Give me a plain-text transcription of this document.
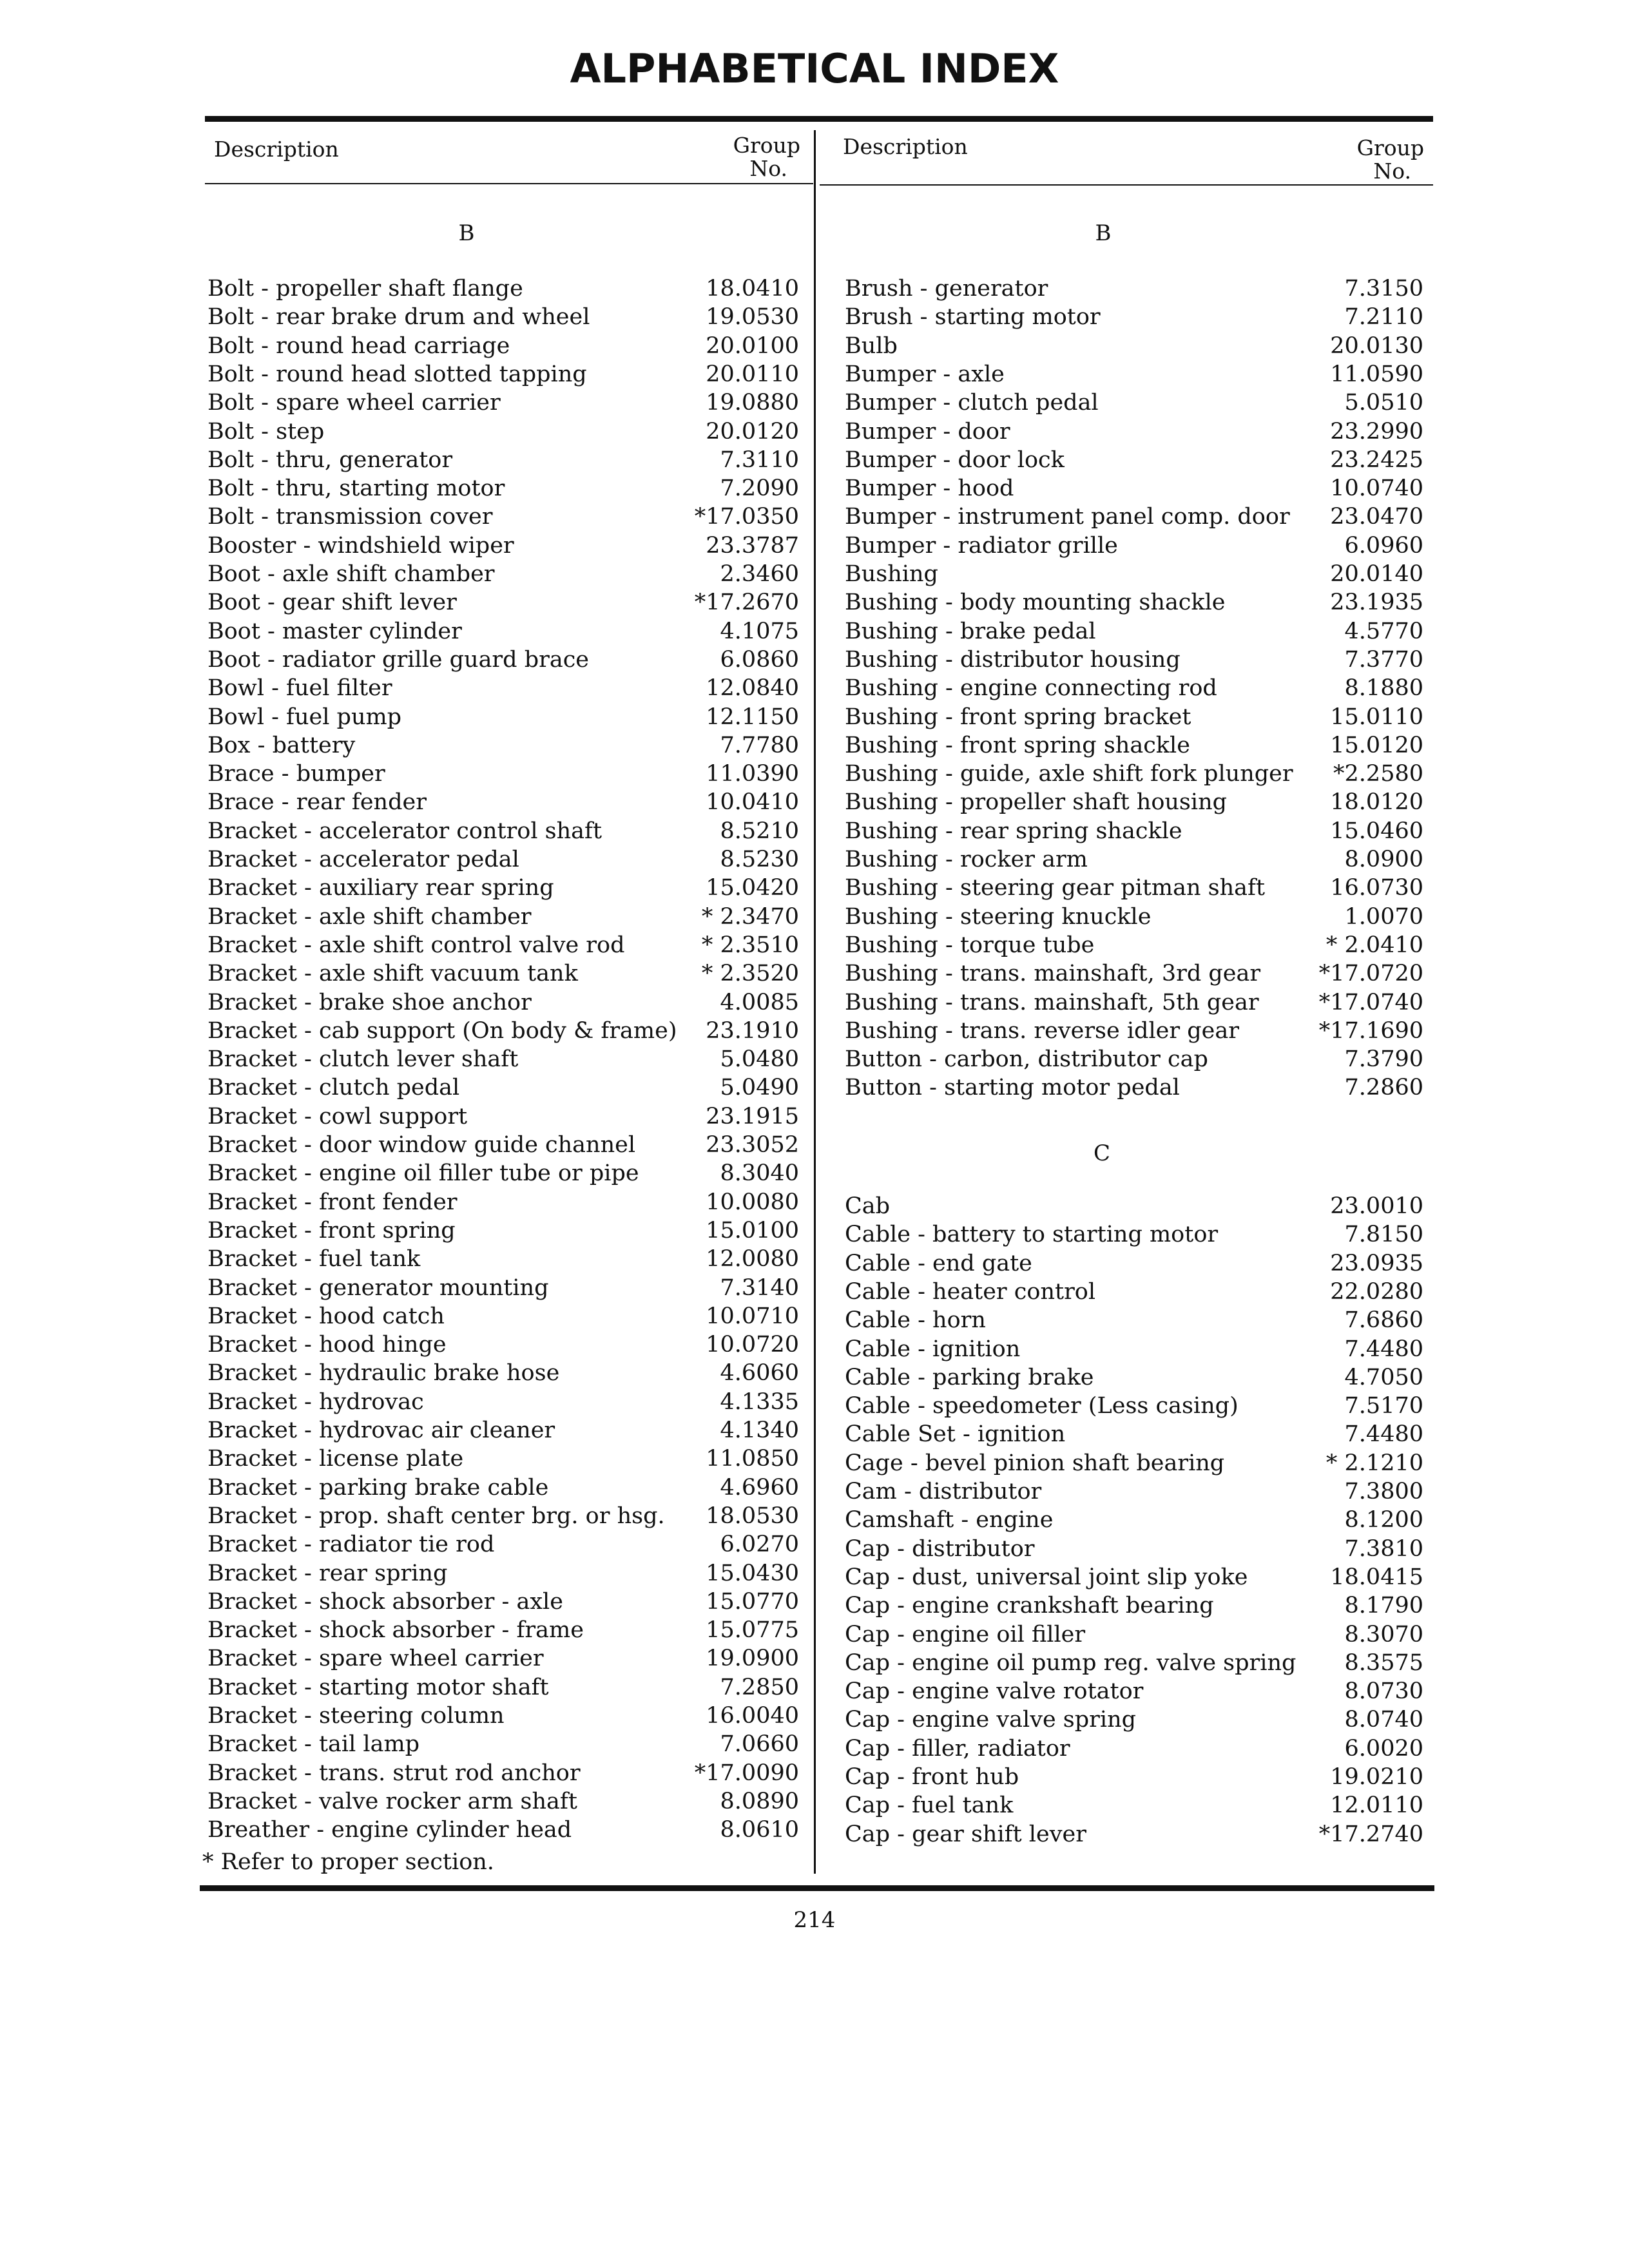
ALPHABETICAL INDEX
Description	Group
No.
Description	Group
No.
B	B
C
Bolt - propeller shaft flange	18.0410
Bolt - rear brake drum and wheel	19.0530
Bolt - round head carriage	20.0100
Bolt - round head slotted tapping	20.0110
Bolt - spare wheel carrier	19.0880
Bolt - step	20.0120
Bolt - thru, generator	7.3110
Bolt - thru, starting motor	7.2090
Bolt - transmission cover	*17.0350
Booster - windshield wiper	23.3787
Boot - axle shift chamber	2.3460
Boot - gear shift lever	*17.2670
Boot - master cylinder	4.1075
Boot - radiator grille guard brace	6.0860
Bowl - fuel filter	12.0840
Bowl - fuel pump	12.1150
Box - battery	7.7780
Brace - bumper	11.0390
Brace - rear fender	10.0410
Bracket - accelerator control shaft	8.5210
Bracket - accelerator pedal	8.5230
Bracket - auxiliary rear spring	15.0420
Bracket - axle shift chamber	* 2.3470
Bracket - axle shift control valve rod	* 2.3510
Bracket - axle shift vacuum tank	* 2.3520
Bracket - brake shoe anchor	4.0085
Bracket - cab support (On body & frame) 23.1910
Bracket - clutch lever shaft	5.0480
Bracket - clutch pedal	5.0490
Bracket - cowl support	23.1915
Bracket - door window guide channel	23.3052
Bracket - engine oil filler tube or pipe	8.3040
Bracket - front fender	10.0080
Bracket - front spring	15.0100
Bracket - fuel tank	12.0080
Bracket - generator mounting	7.3140
Bracket - hood catch	10.0710
Bracket - hood hinge	10.0720
Bracket - hydraulic brake hose	4.6060
Bracket - hydrovac	4.1335
Bracket - hydrovac air cleaner	4.1340
Bracket - license plate	11.0850
Bracket - parking brake cable	4.6960
Bracket - prop. shaft center brg. or hsg. 18.0530
Bracket - radiator tie rod	6.0270
Bracket - rear spring	15.0430
Bracket - shock absorber - axle	15.0770
Bracket - shock absorber - frame	15.0775
Bracket - spare wheel carrier	19.0900
Bracket - starting motor shaft	7.2850
Bracket - steering column	16.0040
Bracket - tail lamp	7.0660
Bracket - trans. strut rod anchor	*17.0090
Bracket - valve rocker arm shaft	8.0890
Breather - engine cylinder head	8.0610
Brush - generator	7.3150
Brush - starting motor	7.2110
Bulb	20.0130
Bumper - axle	11.0590
Bumper - clutch pedal	5.0510
Bumper - door	23.2990
Bumper - door lock	23.2425
Bumper - hood	10.0740
Bumper - instrument panel comp. door 23.0470
Bumper - radiator grille	6.0960
Bushing	20.0140
Bushing - body mounting shackle	23.1935
Bushing - brake pedal	4.5770
Bushing - distributor housing	7.3770
Bushing - engine connecting rod	8.1880
Bushing - front spring bracket	15.0110
Bushing - front spring shackle	15.0120
Bushing - guide, axle shift fork plunger *2.2580
Bushing - propeller shaft housing	18.0120
Bushing - rear spring shackle	15.0460
Bushing - rocker arm	8.0900
Bushing - steering gear pitman shaft	16.0730
Bushing - steering knuckle	1.0070
Bushing - torque tube	* 2.0410
Bushing - trans. mainshaft, 3rd gear	*17.0720
Bushing - trans. mainshaft, 5th gear	*17.0740
Bushing - trans. reverse idler gear	*17.1690
Button - carbon, distributor cap	7.3790
Button - starting motor pedal	7.2860
Cab	23.0010
Cable - battery to starting motor	7.8150
Cable - end gate	23.0935
Cable - heater control	22.0280
Cable - horn	7.6860
Cable - ignition	7.4480
Cable - parking brake	4.7050
Cable - speedometer (Less casing)	7.5170
Cable Set - ignition	7.4480
Cage - bevel pinion shaft bearing	* 2.1210
Cam - distributor	7.3800
Camshaft - engine	8.1200
Cap - distributor	7.3810
Cap - dust, universal joint slip yoke	18.0415
Cap - engine crankshaft bearing	8.1790
Cap - engine oil filler	8.3070
Cap - engine oil pump reg. valve spring 8.3575
Cap - engine valve rotator	8.0730
Cap - engine valve spring	8.0740
Cap - filler, radiator	6.0020
Cap - front hub	19.0210
Cap - fuel tank	12.0110
Cap - gear shift lever	*17.2740
* Refer to proper section.
214
